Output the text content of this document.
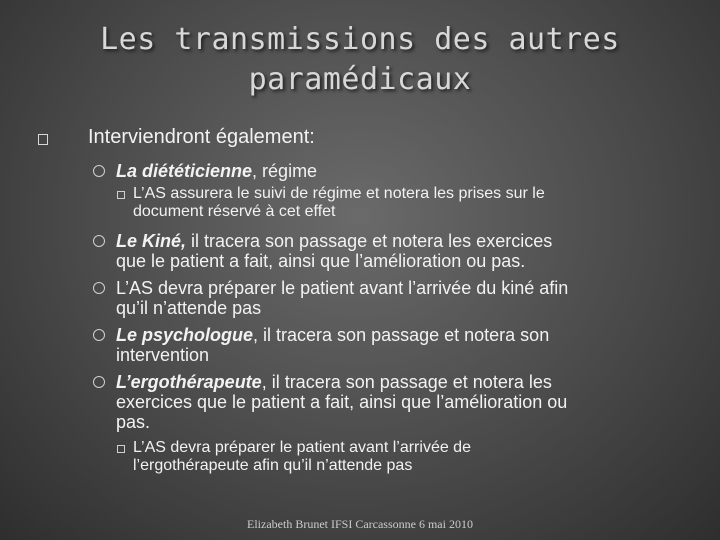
Les transmissions des autres
paramédicaux
Interviendront également:
La diététicienne, régime
L’AS assurera le suivi de régime et notera les prises sur le
document réservé à cet effet
Le Kiné, il tracera son passage et notera les exercices
que le patient a fait, ainsi que l’amélioration ou pas.
L’AS devra préparer le patient avant l’arrivée du kiné afin
qu’il n’attende pas
Le psychologue, il tracera son passage et notera son
intervention
L’ergothérapeute, il tracera son passage et notera les
exercices que le patient a fait, ainsi que l’amélioration ou
pas.
L’AS devra préparer le patient avant l’arrivée de
l’ergothérapeute afin qu’il n’attende pas
Elizabeth Brunet IFSI Carcassonne 6 mai 2010
